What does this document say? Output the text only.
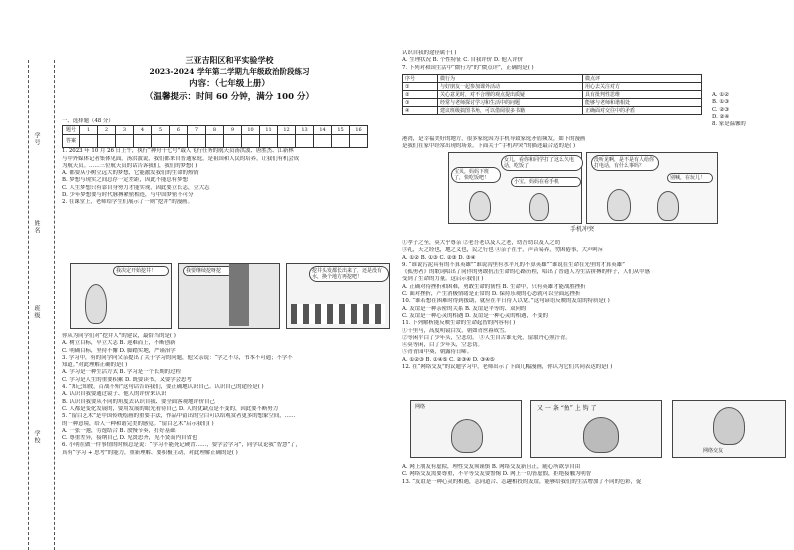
学号
姓名
班级
学校
三亚吉阳区和平实验学校
2023-2024 学年第二学期九年级政治阶段练习
内容：（七年级上册）
（温馨提示：时间 60 分钟，满分 100 分）
一、选择题（48 分）
题号	1	2	3	4	5	6	7	8	9	10	11	12	13	14	15	16
答案																
1. 2023 年 10 月 26 日上午，执行“神舟十七号”载人飞行任务的航天员汤洪波、唐胜杰、江新林
与中外媒体记者集体见面。汤洪波说，我们都来自普通家庭，是祖国和人民的培养，让我们有机会成
为航天员。……三位航天员的话告诉我们，我们的梦想( )
A. 都要从小树立远大的梦想，它能激发我们的生命的热情
B. 梦想与现实之间总存一定差距，因此不能总有梦想
C. 人生梦想只有靠自身努力才能实现，因此要立长志，立大志
D. 少年梦想要与时代脉搏紧密相连，与中国梦密不可分
2. 在课堂上，老师给学生们展示了一则“挖井”的漫画。
我决定开始挖井！	我要继续挖呀挖	挖井头发都长出来了，还是没有水，换个地方再挖吧！
你从为同学们对“挖井人”的建议，最恰当的是( )
A. 树立目标，早立大志 B. 迎难而上，不断创新
C. 明确目标，坚持不懈 D. 脚踏实地，严谨治学
3. 学习中，有的同学向父亲提出了关于学习的问题，他父亲说：“学之不尽，书本不可通；不学不
知道。”对此理解正确的是( )
A. 学习是一种生活方式 B. 学习是一个长期的过程
C. 学习是人生的重要积累 D. 既要读书，又要学会思考
4. “知己知彼，百战不殆”这句话告诉我们，要正确地认识自己。认识自己的途径是( )
A. 认识自我要通过镜子、他人的评价来认识
B. 认识自我要从不同的角度去认识自我、要全面客观地评价自己
C. 人都是变化发展的，要用发展的眼光看待自己 D. 人的优缺点是不变的，因此要不断努力
5. “留白艺术”是中国传统绘画的重要手法，作品中留出的空白可以给观赏者更多的想象空间，……
的一种意境，给人一种和谐完美的感觉。“留白艺术”启示我们( )
A. 一张一弛，劳逸结合 B. 放慢节奏，打好基础
C. 尊重差异，接纳自己 D. 见贤思齐，见不贤而内自省也
6. 小明在做一件事情的时候总是说：“学习不能死记硬背……，要学会学习”，同学议论我“智慧”了，
真有“学习 + 思考”的能力，重新理解、要积极主动，对此理解正确的是( )
认识自我的途径属于( )
A. 生理状况 B. 个性特征 C. 自我评价 D. 他人评价
7. 下列对和国生活中“微行为”的“微点评”，正确的是( )
序号	微行为	微点评
①	与好朋友一起参加课外活动	用心去关注对方
②	关心意见时，对不合理的观点提出质疑	具有批判性思维
③	经常与老师探讨学习和生活中的问题	能够与老师和谐相处
④	建议班级搞图书角，可以借阅很多书籍	正确面对交往中的矛盾
A. ①②
B. ①③
C. ②③
D. ②④
8. 家是温馨的
港湾，是幸福美好的地方，很多家庭因为手机导致家庭矛盾频发，如下的漫画
是我们在家中经常出现的场景，下面关于“手机冲突”的描述最合适的是( )
宝贝，妈妈下班了，快吃饭吧！
女儿，看你和同学打了这么久电话，吃饭了
小宝，妈妈在看手机
没听见啊，是不是有人给你打电话，有什么事吗？
别喊，在玩儿！
手机冲突
①孝子之至，莫大乎尊亲 ②老吾老以及人之老，幼吾幼以及人之幼
③礼，天之经也，地之义也，民之行也 ④亲子在乎，声音易养，勿困倦事，大声呵斥
A. ①② B. ①③ C. ②③ D. ③④
9. “谁说污泥具有的不算英雄”“谁说沟里有水平凡的不算英雄”“谁说在生命在光里的才算英雄”
《孤勇者》的歌词唱出了同伴的勇敢抗击生命的心路历程，唱出了普通人为生活拼搏的样子，人们从中感
受到了生命的力量。这启示我们( )
A. 正确对待挫折和困难，勇敢生命的韧性 B. 生命中，只有英雄才能战胜挫折
C. 面对挫折，产生消极情绪是正常的 D. 保持乐观的心态就可以全面远挫折
10. “谁若想在困难时得到援助，就应在平日待人以宽。”这句谚语反映的友谊的特质是( )
A. 友谊是一种亲密的关系 B. 友谊是平等的、双向的
C. 友谊是一种心灵的相遇 D. 友谊是一种心灵的相遇，不变的
11. 下列解析能反映生命的生命起智的内容有( )
①千里马，高度明镜白发，朝如青丝暮成雪。
②等闲平白了少年头，空悲切。 ③人生自古谁无死，留取丹心照汗青。
④莫等闲，白了少年头，空悲切。
⑤青青园中葵，朝露待日晞。
A. ①②③ B. ①④⑤ C. ②③④ D. ③④⑤
12. 在“网络交友”的议题学习中，老师出示了下面几幅漫画，你认为它们共同表达的是( )
网络	又 一 条 “鱼” 上 钩 了
网络交友
A. 网上朋友有虚拟，理性交友须谨慎 B. 网络交友新且正，随心所欲享自由
C. 网络交友需要尊重，不平等交友要警惕 D. 网上一切皆虚假，拒绝接触为明智
13. “友谊是一种心灵的相遇，志同道合、志趣相投的友谊，能够给我们的生活增加了不同的色彩，促
